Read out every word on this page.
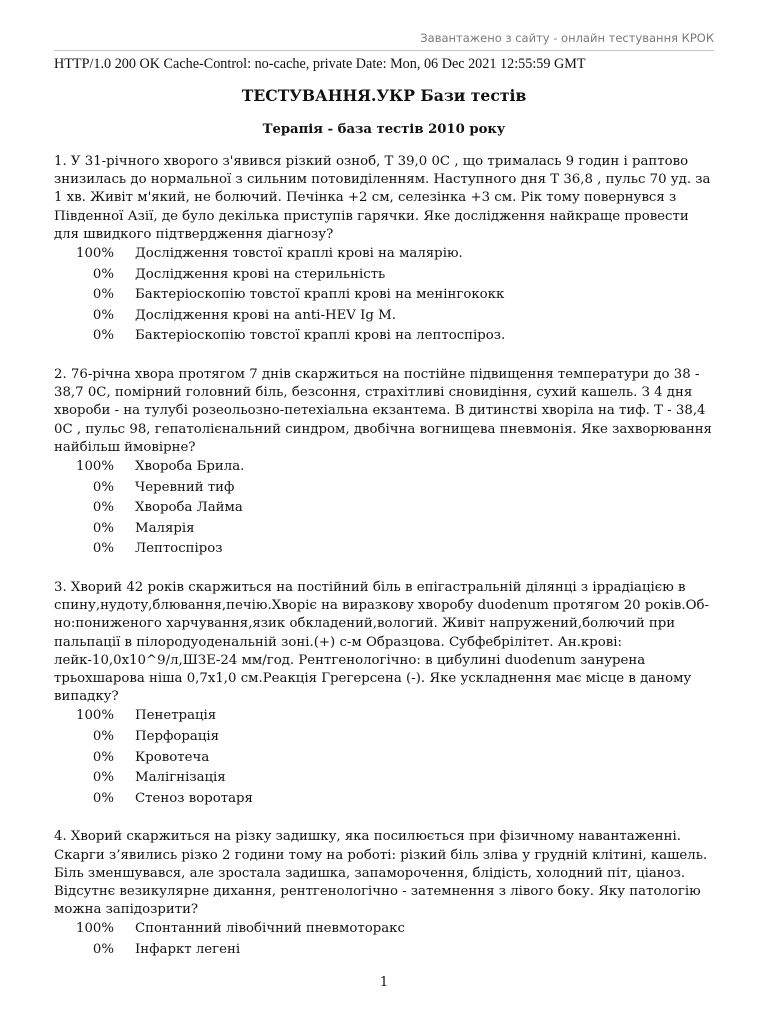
Завантажено з сайту - онлайн тестування КРОК
HTTP/1.0 200 OK Cache-Control: no-cache, private Date: Mon, 06 Dec 2021 12:55:59 GMT
ТЕСТУВАННЯ.УКР Бази тестів
Терапія - база тестів 2010 року
1. У 31-річного хворого з'явився різкий озноб, Т 39,0 0С , що трималась 9 годин і раптово знизилась до нормальної з сильним потовиділенням. Наступного дня Т 36,8 , пульс 70 уд. за 1 хв. Живіт м'який, не болючий. Печінка +2 см, селезінка +3 см. Рік тому повернувся з Південної Азії, де було декілька приступів гарячки. Яке дослідження найкраще провести для швидкого підтвердження діагнозу?
100% Дослідження товстої краплі крові на малярію.
0% Дослідження крові на стерильність
0% Бактеріоскопію товстої краплі крові на менінгококк
0% Дослідження крові на anti-HEV Ig M.
0% Бактеріоскопію товстої краплі крові на лептоспіроз.
2. 76-річна хвора протягом 7 днів скаржиться на постійне підвищення температури до 38 - 38,7 0С, помірний головний біль, безсоння, страхітливі сновидіння, сухий кашель. З 4 дня хвороби - на тулубі розеольозно-петехіальна екзантема. В дитинстві хворіла на тиф. Т - 38,4 0С , пульс 98, гепатолієнальний синдром, двобічна вогнищева пневмонія. Яке захворювання найбільш ймовірне?
100% Хвороба Брила.
0% Черевний тиф
0% Хвороба Лайма
0% Малярія
0% Лептоспіроз
3. Хворий 42 років скаржиться на постійний біль в епігастральній ділянці з іррадіацією в спину,нудоту,блювання,печію.Хворіє на виразкову хворобу duodenum протягом 20 років.Об-но:пониженого харчування,язик обкладений,вологий. Живіт напружений,болючий при пальпації в пілородуоденальній зоні.(+) с-м Образцова. Субфебрілітет. Ан.крові: лейк-10,0х10^9/л,ШЗЕ-24 мм/год. Рентгенологічно: в цибулині duodenum занурена трьохшарова ніша 0,7х1,0 см.Реакція Грегерсена (-). Яке ускладнення має місце в даному випадку?
100% Пенетрація
0% Перфорація
0% Кровотеча
0% Малігнізація
0% Стеноз воротаря
4. Хворий скаржиться на різку задишку, яка посилюється при фізичному навантаженні. Скарги з’явились різко 2 години тому на роботі: різкий біль зліва у грудній клітині, кашель. Біль зменшувався, але зростала задишка, запаморочення, блідість, холодний піт, ціаноз. Відсутнє везикулярне дихання, рентгенологічно - затемнення з лівого боку. Яку патологію можна запідозрити?
100% Спонтанний лівобічний пневмоторакс
0% Інфаркт легені
1
